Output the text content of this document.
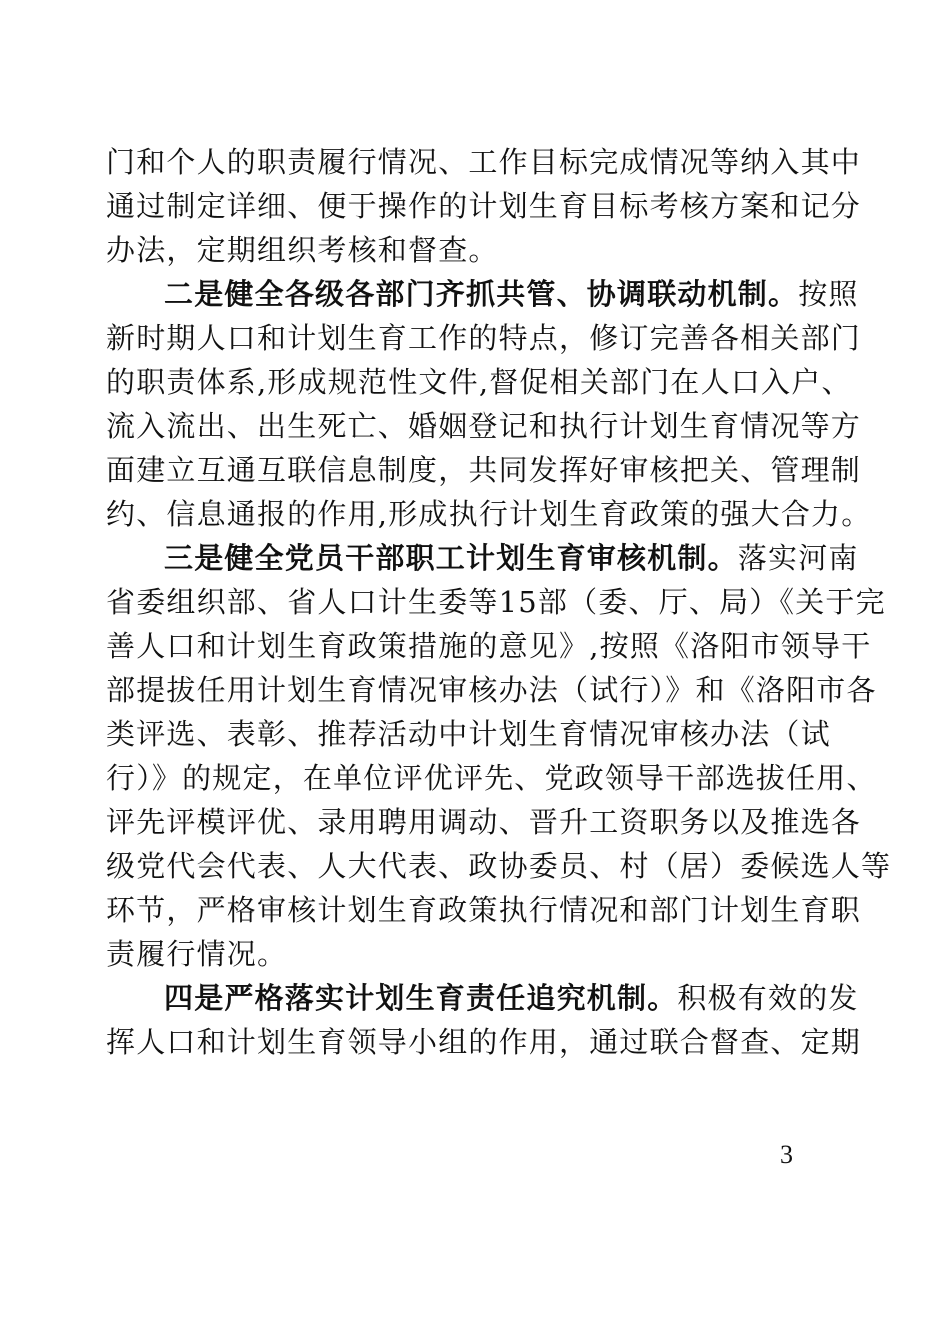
门和个人的职责履行情况、工作目标完成情况等纳入其中
通过制定详细、便于操作的计划生育目标考核方案和记分
办法，定期组织考核和督查。
二是健全各级各部门齐抓共管、协调联动机制。按照
新时期人口和计划生育工作的特点，修订完善各相关部门
的职责体系,形成规范性文件,督促相关部门在人口入户、
流入流出、出生死亡、婚姻登记和执行计划生育情况等方
面建立互通互联信息制度，共同发挥好审核把关、管理制
约、信息通报的作用,形成执行计划生育政策的强大合力。
三是健全党员干部职工计划生育审核机制。落实河南
省委组织部、省人口计生委等15部（委、厅、局）《关于完
善人口和计划生育政策措施的意见》,按照《洛阳市领导干
部提拔任用计划生育情况审核办法（试行）》和《洛阳市各
类评选、表彰、推荐活动中计划生育情况审核办法（试
行）》的规定，在单位评优评先、党政领导干部选拔任用、
评先评模评优、录用聘用调动、晋升工资职务以及推选各
级党代会代表、人大代表、政协委员、村（居）委候选人等
环节，严格审核计划生育政策执行情况和部门计划生育职
责履行情况。
四是严格落实计划生育责任追究机制。积极有效的发
挥人口和计划生育领导小组的作用，通过联合督查、定期
3
